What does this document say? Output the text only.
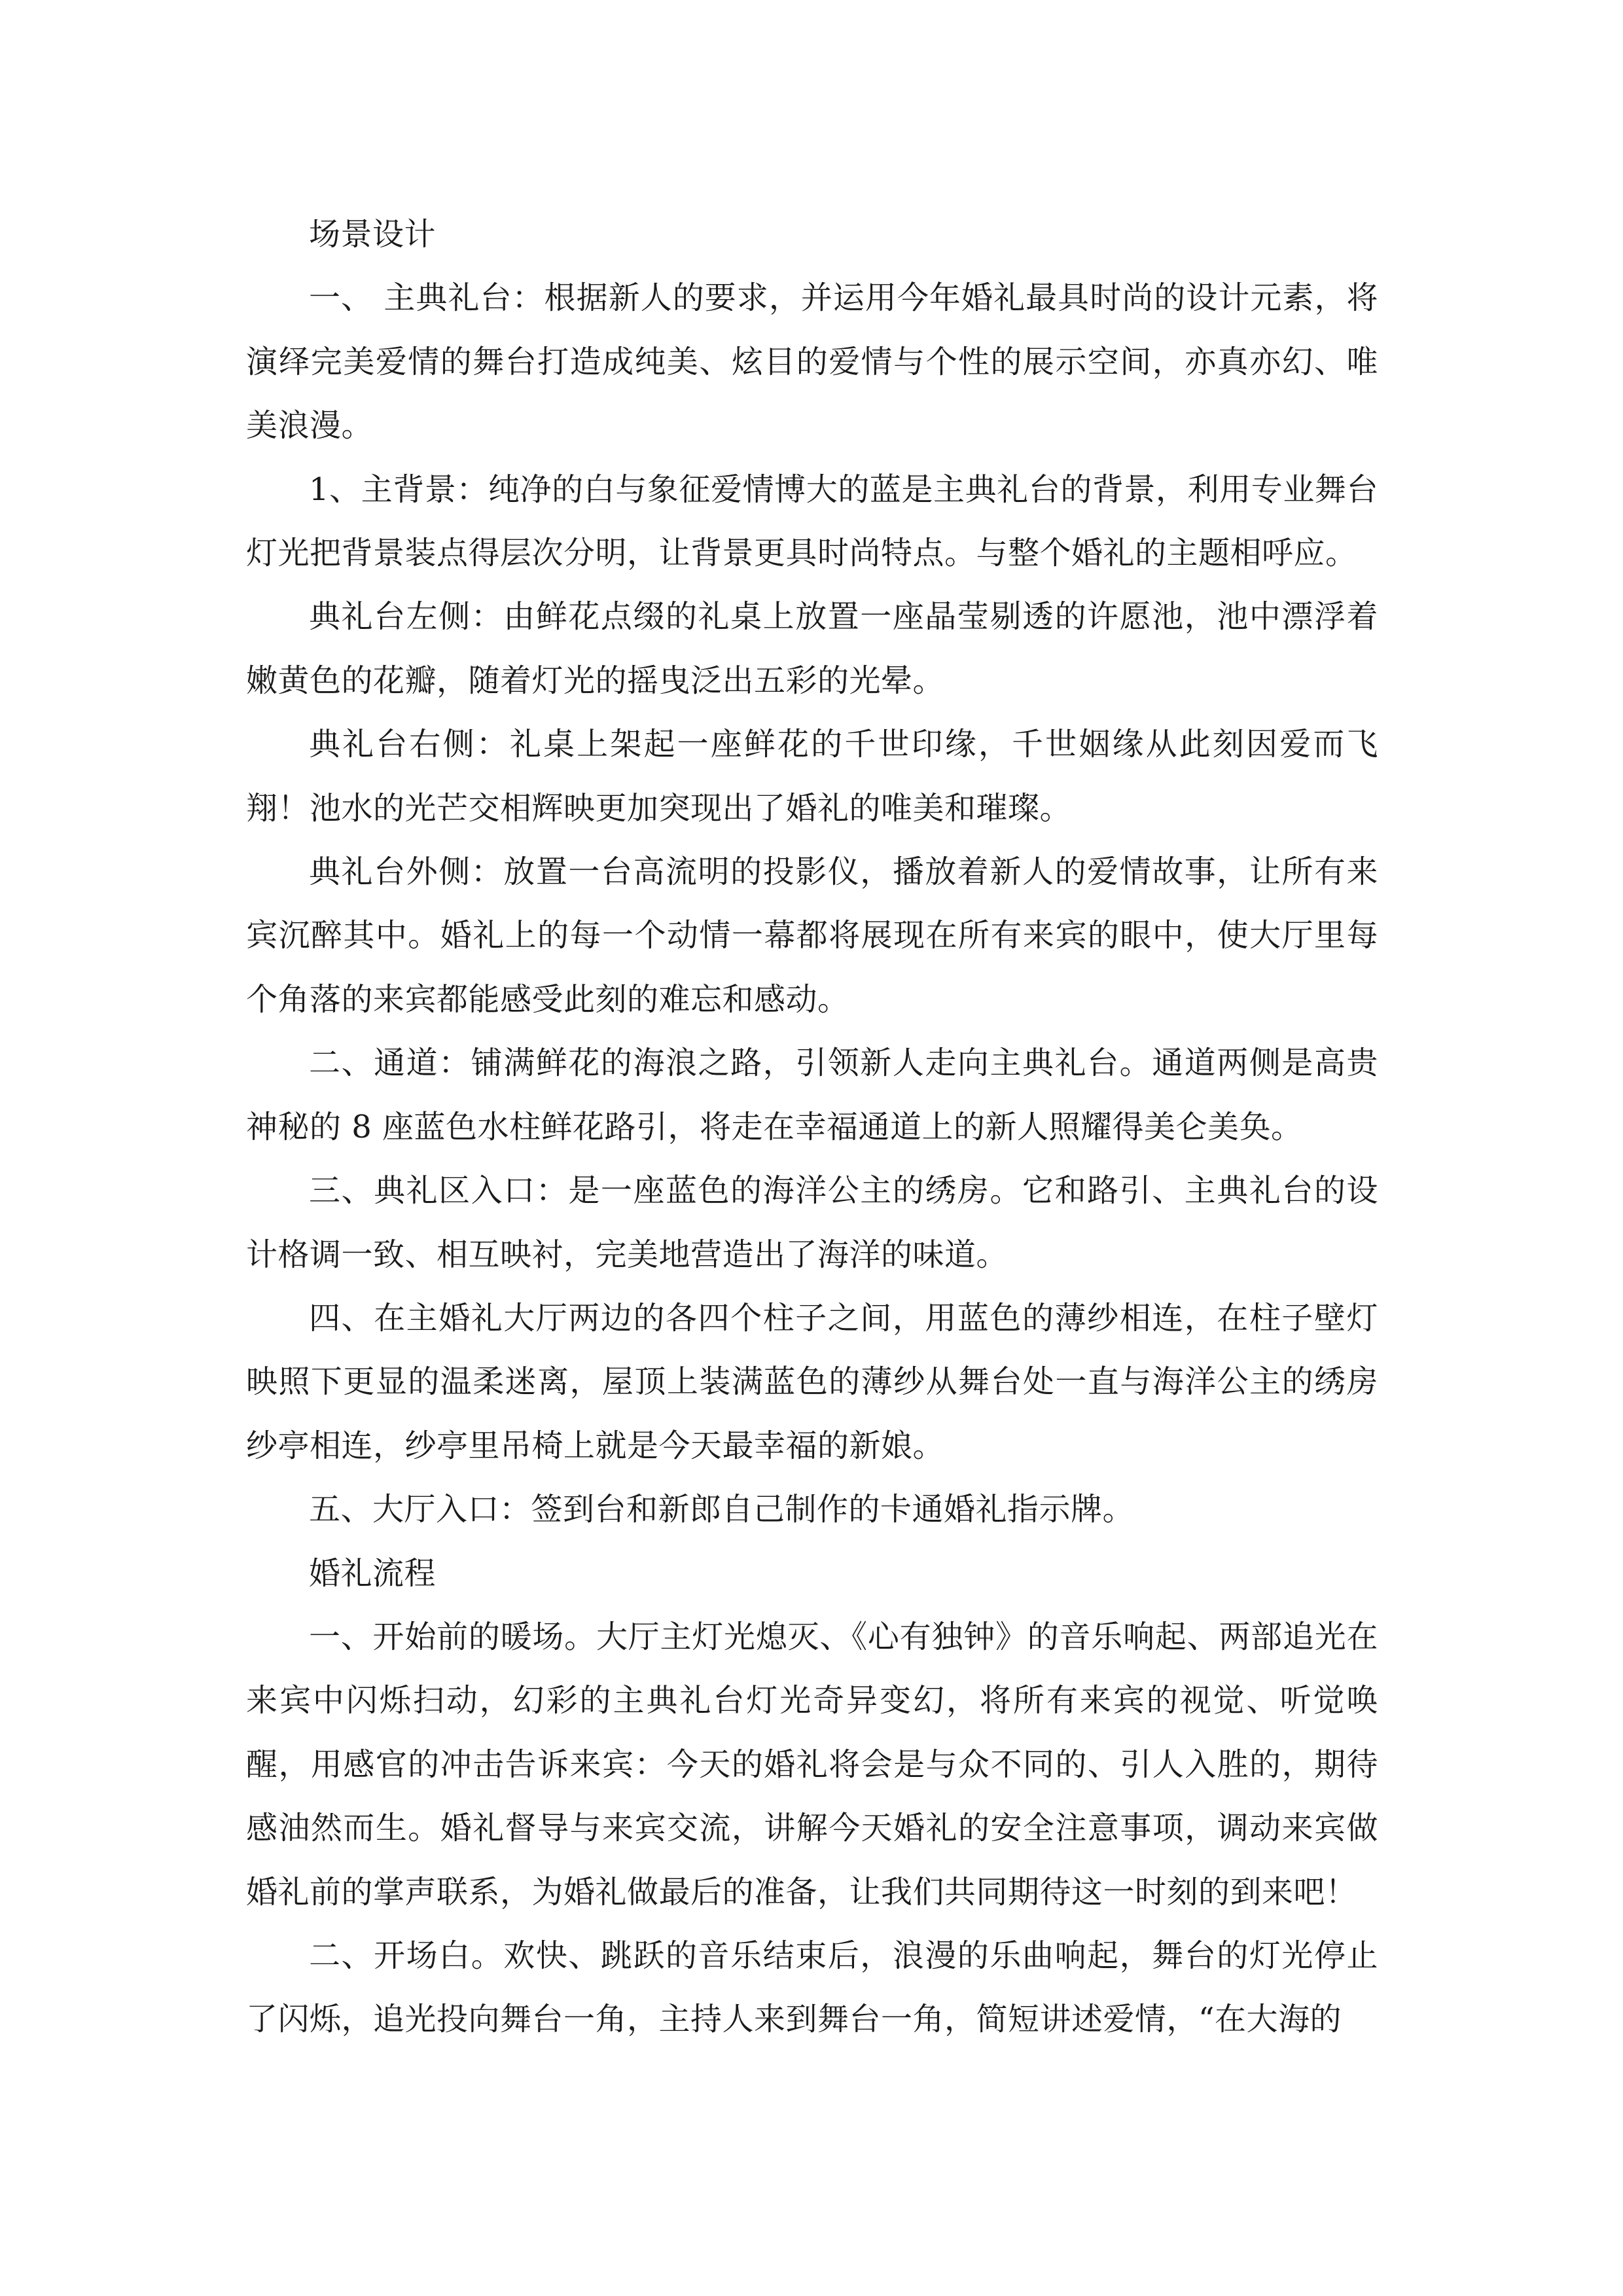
场景设计

一、 主典礼台：根据新人的要求，并运用今年婚礼最具时尚的设计元素，将演绎完美爱情的舞台打造成纯美、炫目的爱情与个性的展示空间，亦真亦幻、唯美浪漫。

1、主背景：纯净的白与象征爱情博大的蓝是主典礼台的背景，利用专业舞台灯光把背景装点得层次分明，让背景更具时尚特点。与整个婚礼的主题相呼应。

典礼台左侧：由鲜花点缀的礼桌上放置一座晶莹剔透的许愿池，池中漂浮着嫩黄色的花瓣，随着灯光的摇曳泛出五彩的光晕。

典礼台右侧：礼桌上架起一座鲜花的千世印缘，千世姻缘从此刻因爱而飞翔！池水的光芒交相辉映更加突现出了婚礼的唯美和璀璨。

典礼台外侧：放置一台高流明的投影仪，播放着新人的爱情故事，让所有来宾沉醉其中。婚礼上的每一个动情一幕都将展现在所有来宾的眼中，使大厅里每个角落的来宾都能感受此刻的难忘和感动。

二、通道：铺满鲜花的海浪之路，引领新人走向主典礼台。通道两侧是高贵神秘的 8 座蓝色水柱鲜花路引，将走在幸福通道上的新人照耀得美仑美奂。

三、典礼区入口：是一座蓝色的海洋公主的绣房。它和路引、主典礼台的设计格调一致、相互映衬，完美地营造出了海洋的味道。

四、在主婚礼大厅两边的各四个柱子之间，用蓝色的薄纱相连，在柱子壁灯映照下更显的温柔迷离，屋顶上装满蓝色的薄纱从舞台处一直与海洋公主的绣房纱亭相连，纱亭里吊椅上就是今天最幸福的新娘。

五、大厅入口：签到台和新郎自己制作的卡通婚礼指示牌。

婚礼流程

一、开始前的暖场。大厅主灯光熄灭、《心有独钟》的音乐响起、两部追光在来宾中闪烁扫动，幻彩的主典礼台灯光奇异变幻，将所有来宾的视觉、听觉唤醒，用感官的冲击告诉来宾：今天的婚礼将会是与众不同的、引人入胜的，期待感油然而生。婚礼督导与来宾交流，讲解今天婚礼的安全注意事项，调动来宾做婚礼前的掌声联系，为婚礼做最后的准备，让我们共同期待这一时刻的到来吧！

二、开场白。欢快、跳跃的音乐结束后，浪漫的乐曲响起，舞台的灯光停止了闪烁，追光投向舞台一角，主持人来到舞台一角，简短讲述爱情，“在大海的
